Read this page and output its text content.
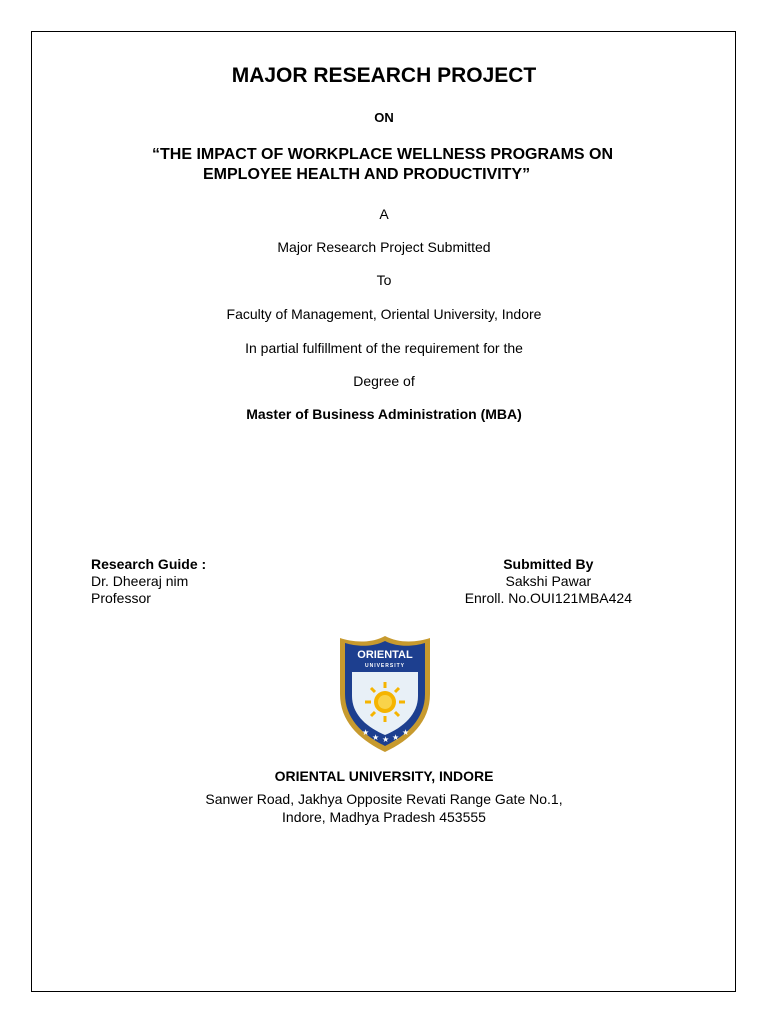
MAJOR RESEARCH PROJECT
ON
“THE IMPACT OF WORKPLACE WELLNESS PROGRAMS ON
EMPLOYEE HEALTH AND PRODUCTIVITY”
A
Major Research Project Submitted
To
Faculty of Management, Oriental University, Indore
In partial fulfillment of the requirement for the
Degree of
Master of Business Administration (MBA)
Research Guide :
Dr. Dheeraj nim
Professor
Submitted By
Sakshi Pawar
Enroll. No.OUI121MBA424
ORIENTAL
UNIVERSITY
★
★ ★ ★
★
ORIENTAL UNIVERSITY, INDORE
Sanwer Road, Jakhya Opposite Revati Range Gate No.1,
Indore, Madhya Pradesh 453555
